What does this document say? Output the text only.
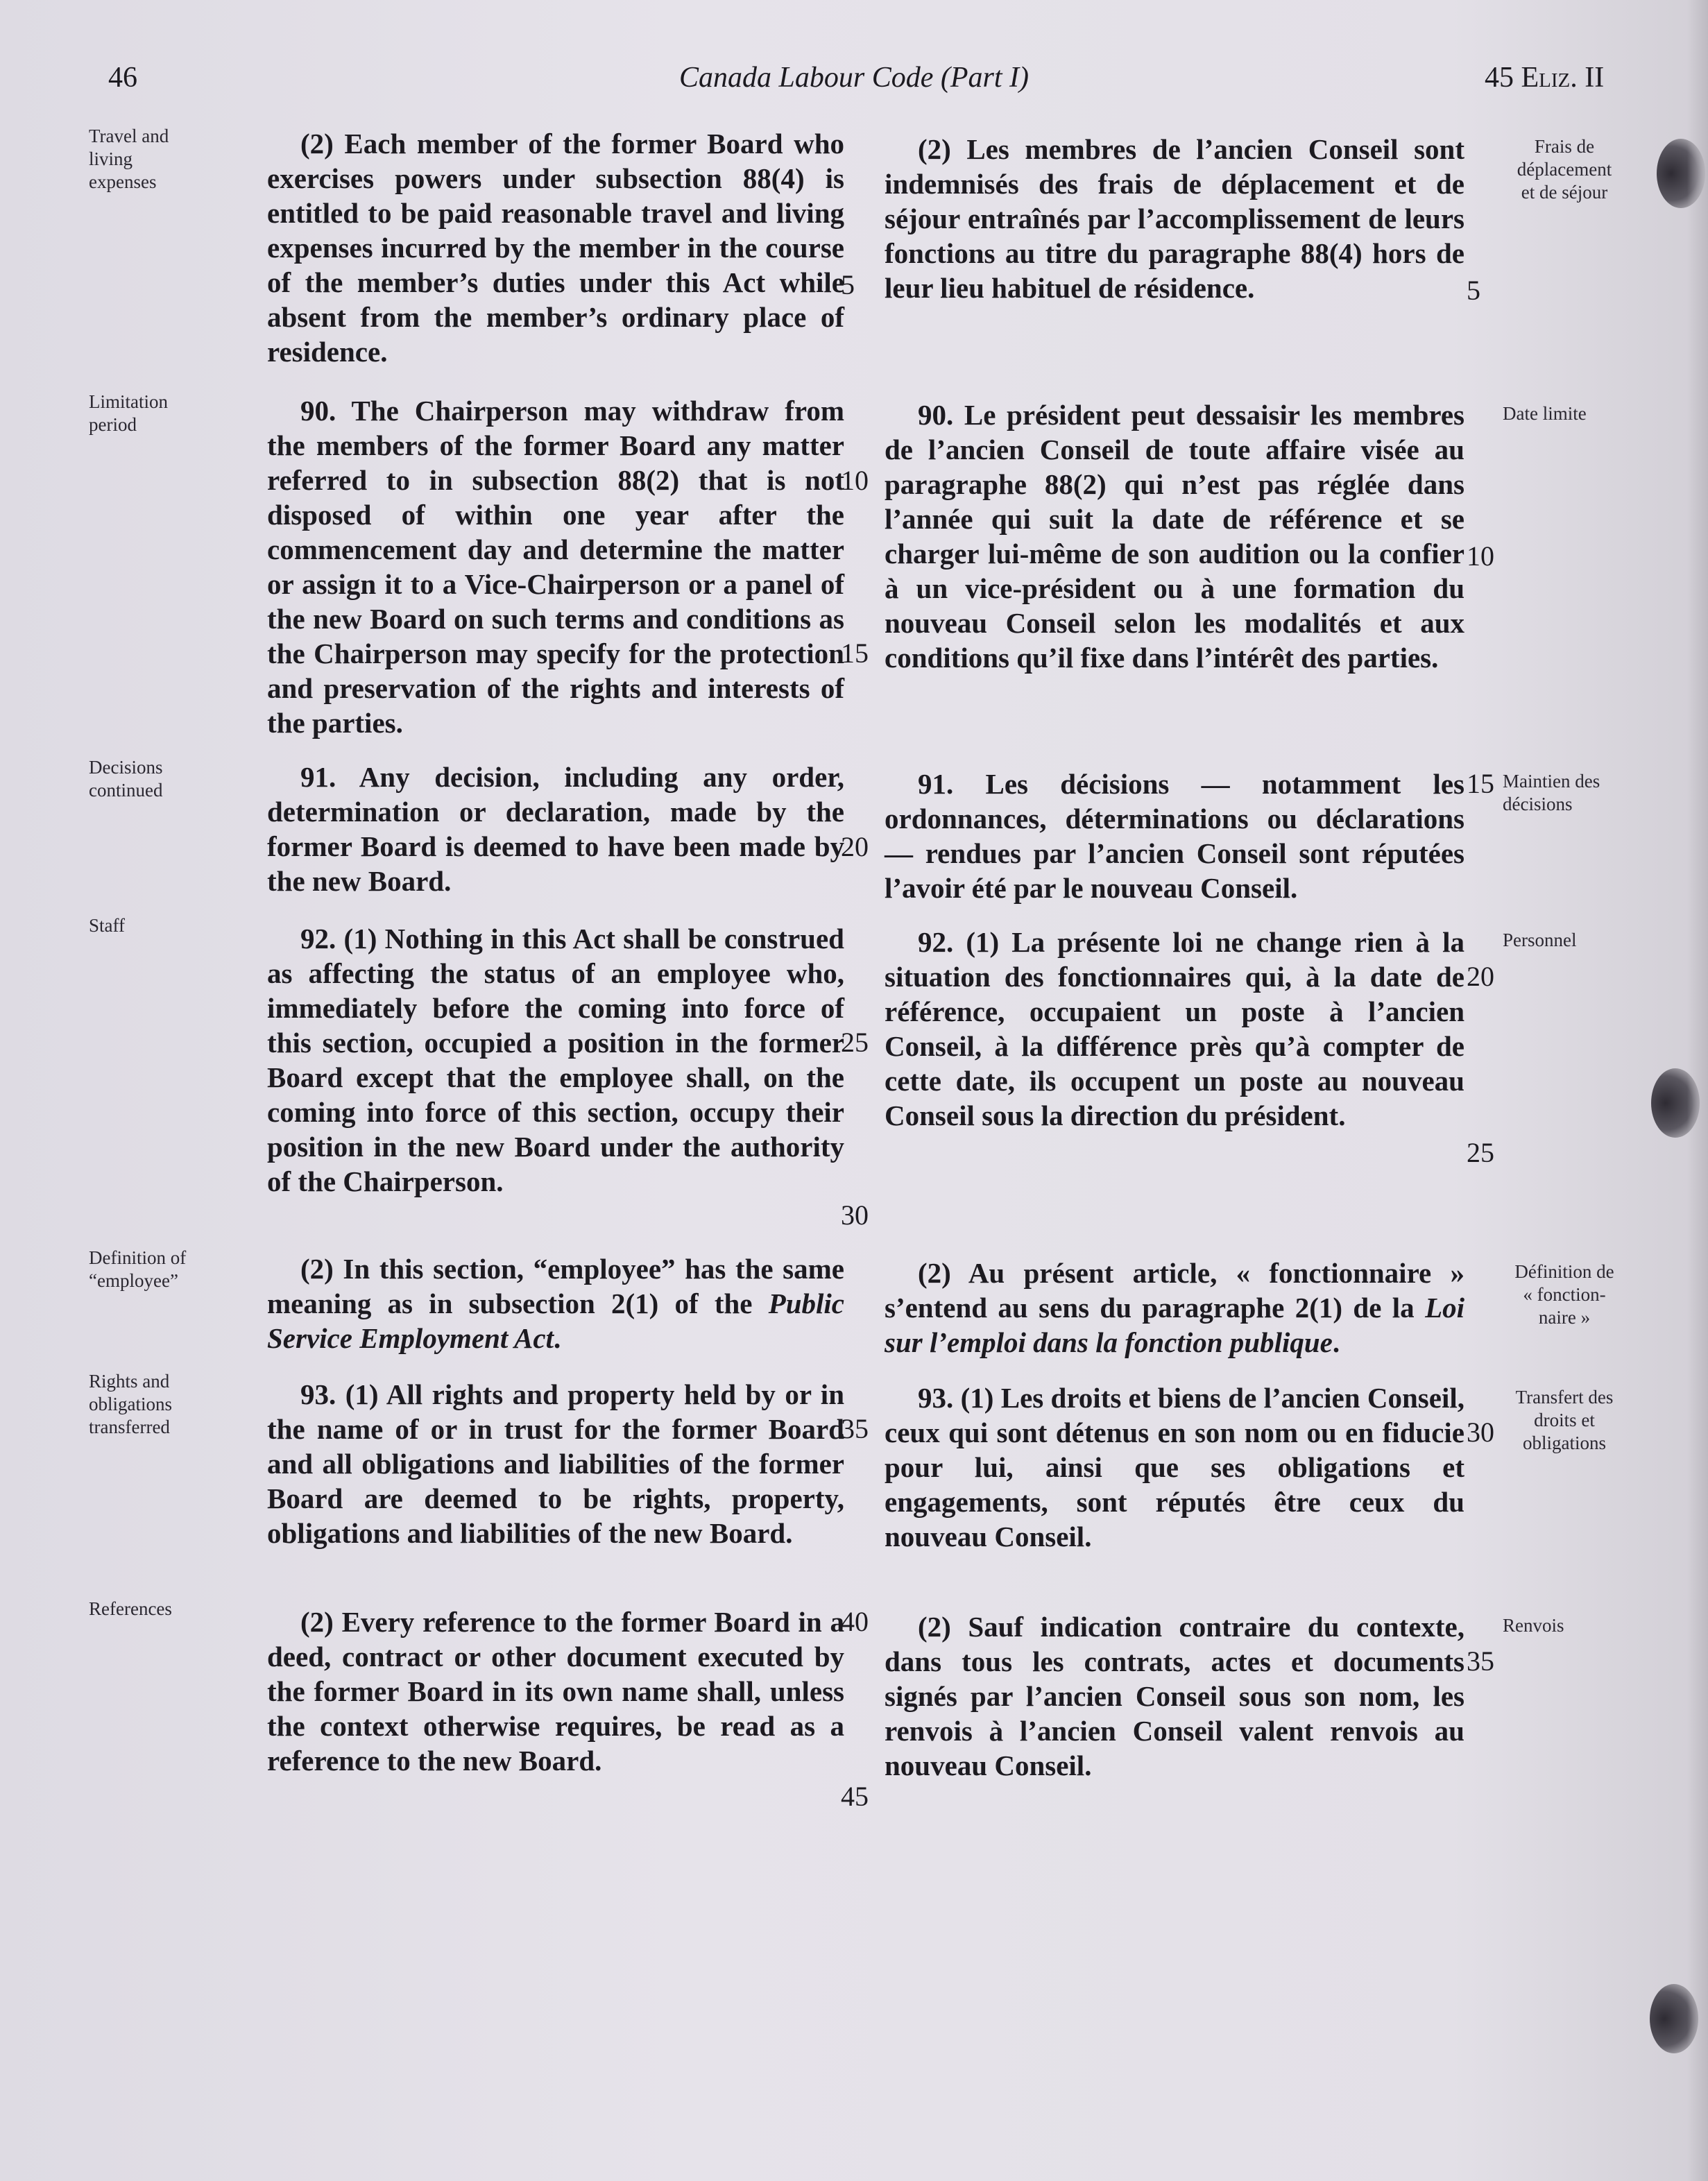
46	Canada Labour Code (Part I)	45 Eliz. II
Travel and
living
expenses
Limitation
period
Decisions
continued
Staff
Definition of
“employee”
Rights and
obligations
transferred
References
Frais de
déplacement
et de séjour
Date limite
Maintien des
décisions
Personnel
Définition de
« fonction-
naire »
Transfert des
droits et
obligations
Renvois

(2) Each member of the former Board who exercises powers under subsection 88(4) is entitled to be paid reasonable travel and living expenses incurred by the member in the course of the member’s duties under this Act while absent from the member’s ordinary place of residence.

90. The Chairperson may withdraw from the members of the former Board any matter referred to in subsection 88(2) that is not disposed of within one year after the commencement day and determine the matter or assign it to a Vice-Chairperson or a panel of the new Board on such terms and conditions as the Chairperson may specify for the protection and preservation of the rights and interests of the parties.

91. Any decision, including any order, determination or declaration, made by the former Board is deemed to have been made by the new Board.

92. (1) Nothing in this Act shall be construed as affecting the status of an employee who, immediately before the coming into force of this section, occupied a position in the former Board except that the employee shall, on the coming into force of this section, occupy their position in the new Board under the authority of the Chairperson.

(2) In this section, “employee” has the same meaning as in subsection 2(1) of the Public Service Employment Act.

93. (1) All rights and property held by or in the name of or in trust for the former Board and all obligations and liabilities of the former Board are deemed to be rights, property, obligations and liabilities of the new Board.

(2) Every reference to the former Board in a deed, contract or other document executed by the former Board in its own name shall, unless the context otherwise requires, be read as a reference to the new Board.

(2) Les membres de l’ancien Conseil sont indemnisés des frais de déplacement et de séjour entraînés par l’accomplissement de leurs fonctions au titre du paragraphe 88(4) hors de leur lieu habituel de résidence.

90. Le président peut dessaisir les membres de l’ancien Conseil de toute affaire visée au paragraphe 88(2) qui n’est pas réglée dans l’année qui suit la date de référence et se charger lui-même de son audition ou la confier à un vice-président ou à une formation du nouveau Conseil selon les modalités et aux conditions qu’il fixe dans l’intérêt des parties.

91. Les décisions — notamment les ordonnances, déterminations ou déclarations — rendues par l’ancien Conseil sont réputées l’avoir été par le nouveau Conseil.

92. (1) La présente loi ne change rien à la situation des fonctionnaires qui, à la date de référence, occupaient un poste à l’ancien Conseil, à la différence près qu’à compter de cette date, ils occupent un poste au nouveau Conseil sous la direction du président.

(2) Au présent article, « fonctionnaire » s’entend au sens du paragraphe 2(1) de la Loi sur l’emploi dans la fonction publique.

93. (1) Les droits et biens de l’ancien Conseil, ceux qui sont détenus en son nom ou en fiducie pour lui, ainsi que ses obligations et engagements, sont réputés être ceux du nouveau Conseil.

(2) Sauf indication contraire du contexte, dans tous les contrats, actes et documents signés par l’ancien Conseil sous son nom, les renvois à l’ancien Conseil valent renvois au nouveau Conseil.

5
10
15
20
25
30
35
40
45
5
10
15
20
25
30
35
